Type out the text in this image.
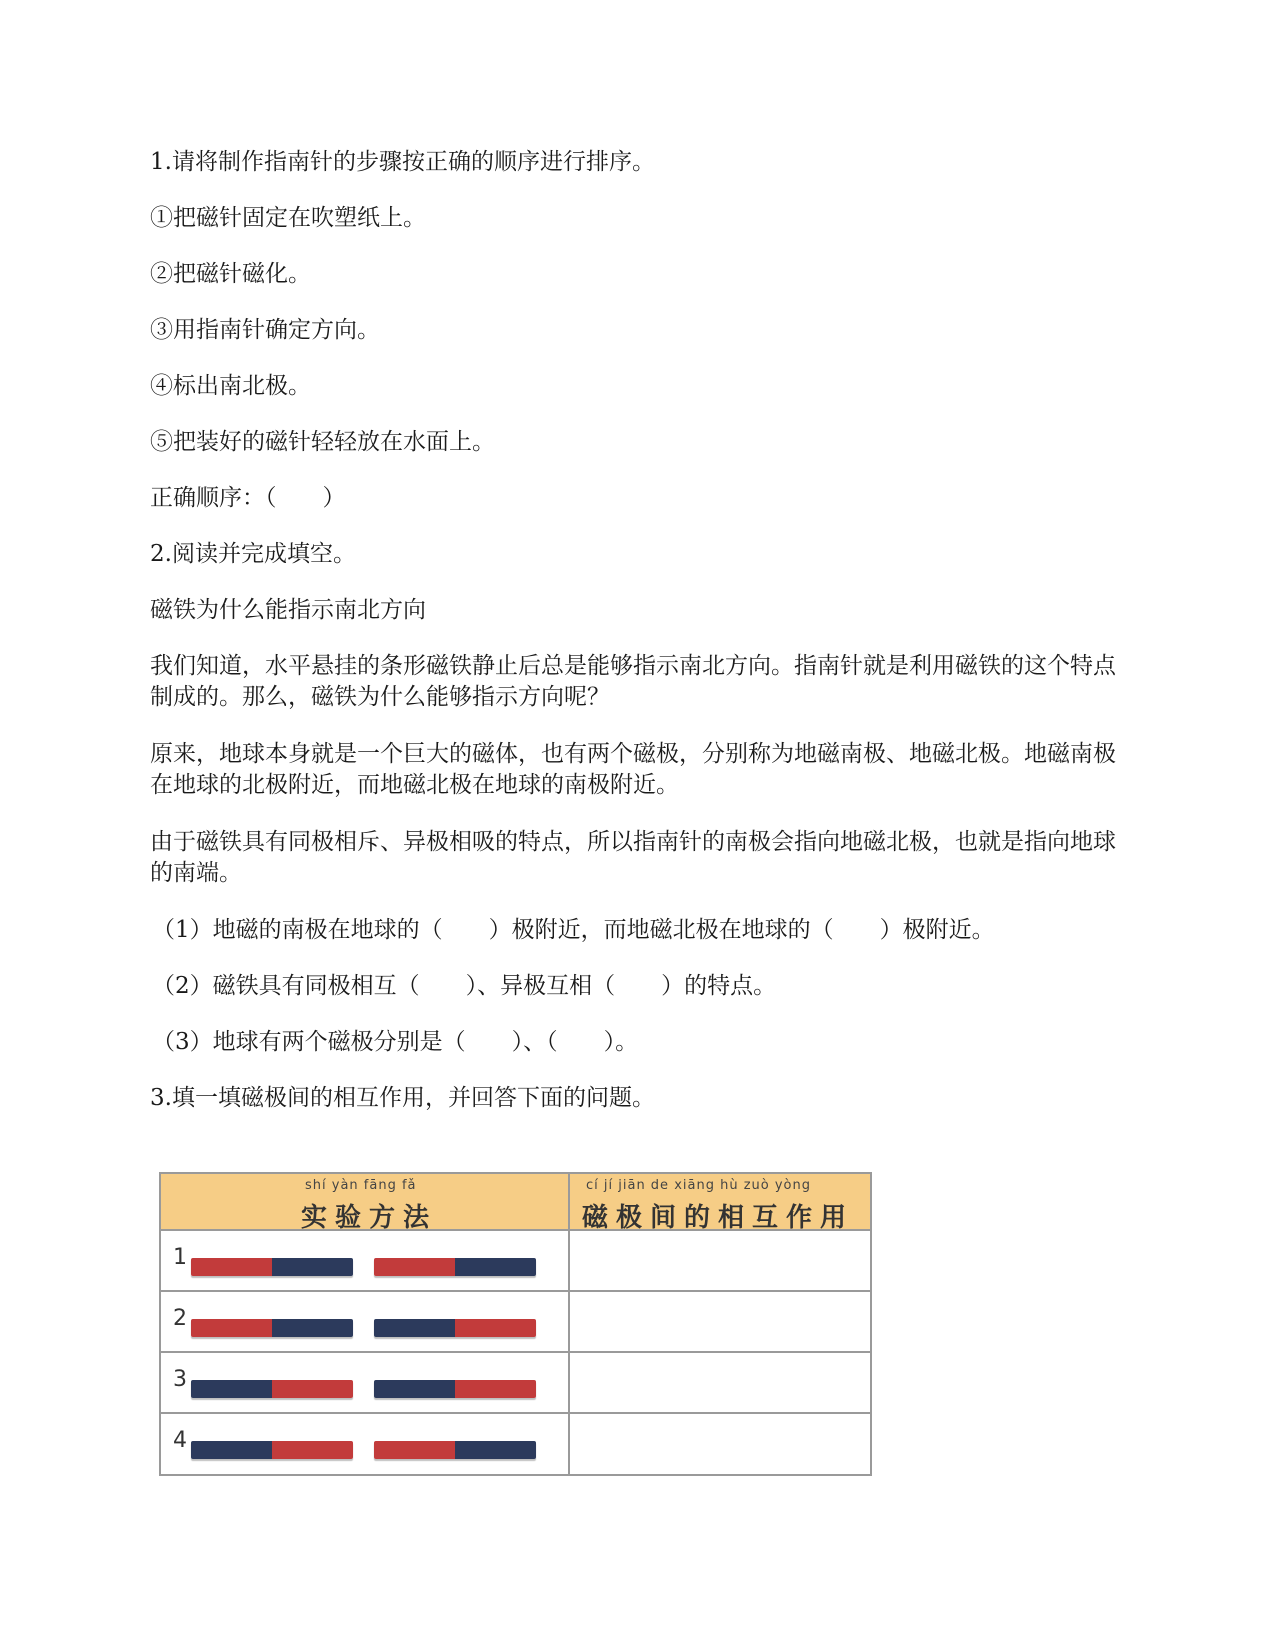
1.请将制作指南针的步骤按正确的顺序进行排序。
①把磁针固定在吹塑纸上。
②把磁针磁化。
③用指南针确定方向。
④标出南北极。
⑤把装好的磁针轻轻放在水面上。
正确顺序：（　　）
2.阅读并完成填空。
磁铁为什么能指示南北方向
我们知道，水平悬挂的条形磁铁静止后总是能够指示南北方向。指南针就是利用磁铁的这个特点制成的。那么，磁铁为什么能够指示方向呢？
原来，地球本身就是一个巨大的磁体，也有两个磁极，分别称为地磁南极、地磁北极。地磁南极在地球的北极附近，而地磁北极在地球的南极附近。
由于磁铁具有同极相斥、异极相吸的特点，所以指南针的南极会指向地磁北极，也就是指向地球的南端。
（1）地磁的南极在地球的（　　）极附近，而地磁北极在地球的（　　）极附近。
（2）磁铁具有同极相互（　　）、异极互相（　　）的特点。
（3）地球有两个磁极分别是（　　）、（　　）。
3.填一填磁极间的相互作用，并回答下面的问题。
shí yàn fāng fǎ
实验方法
cí jí jiān de xiāng hù zuò yòng
磁极间的相互作用
1
2
3
4
